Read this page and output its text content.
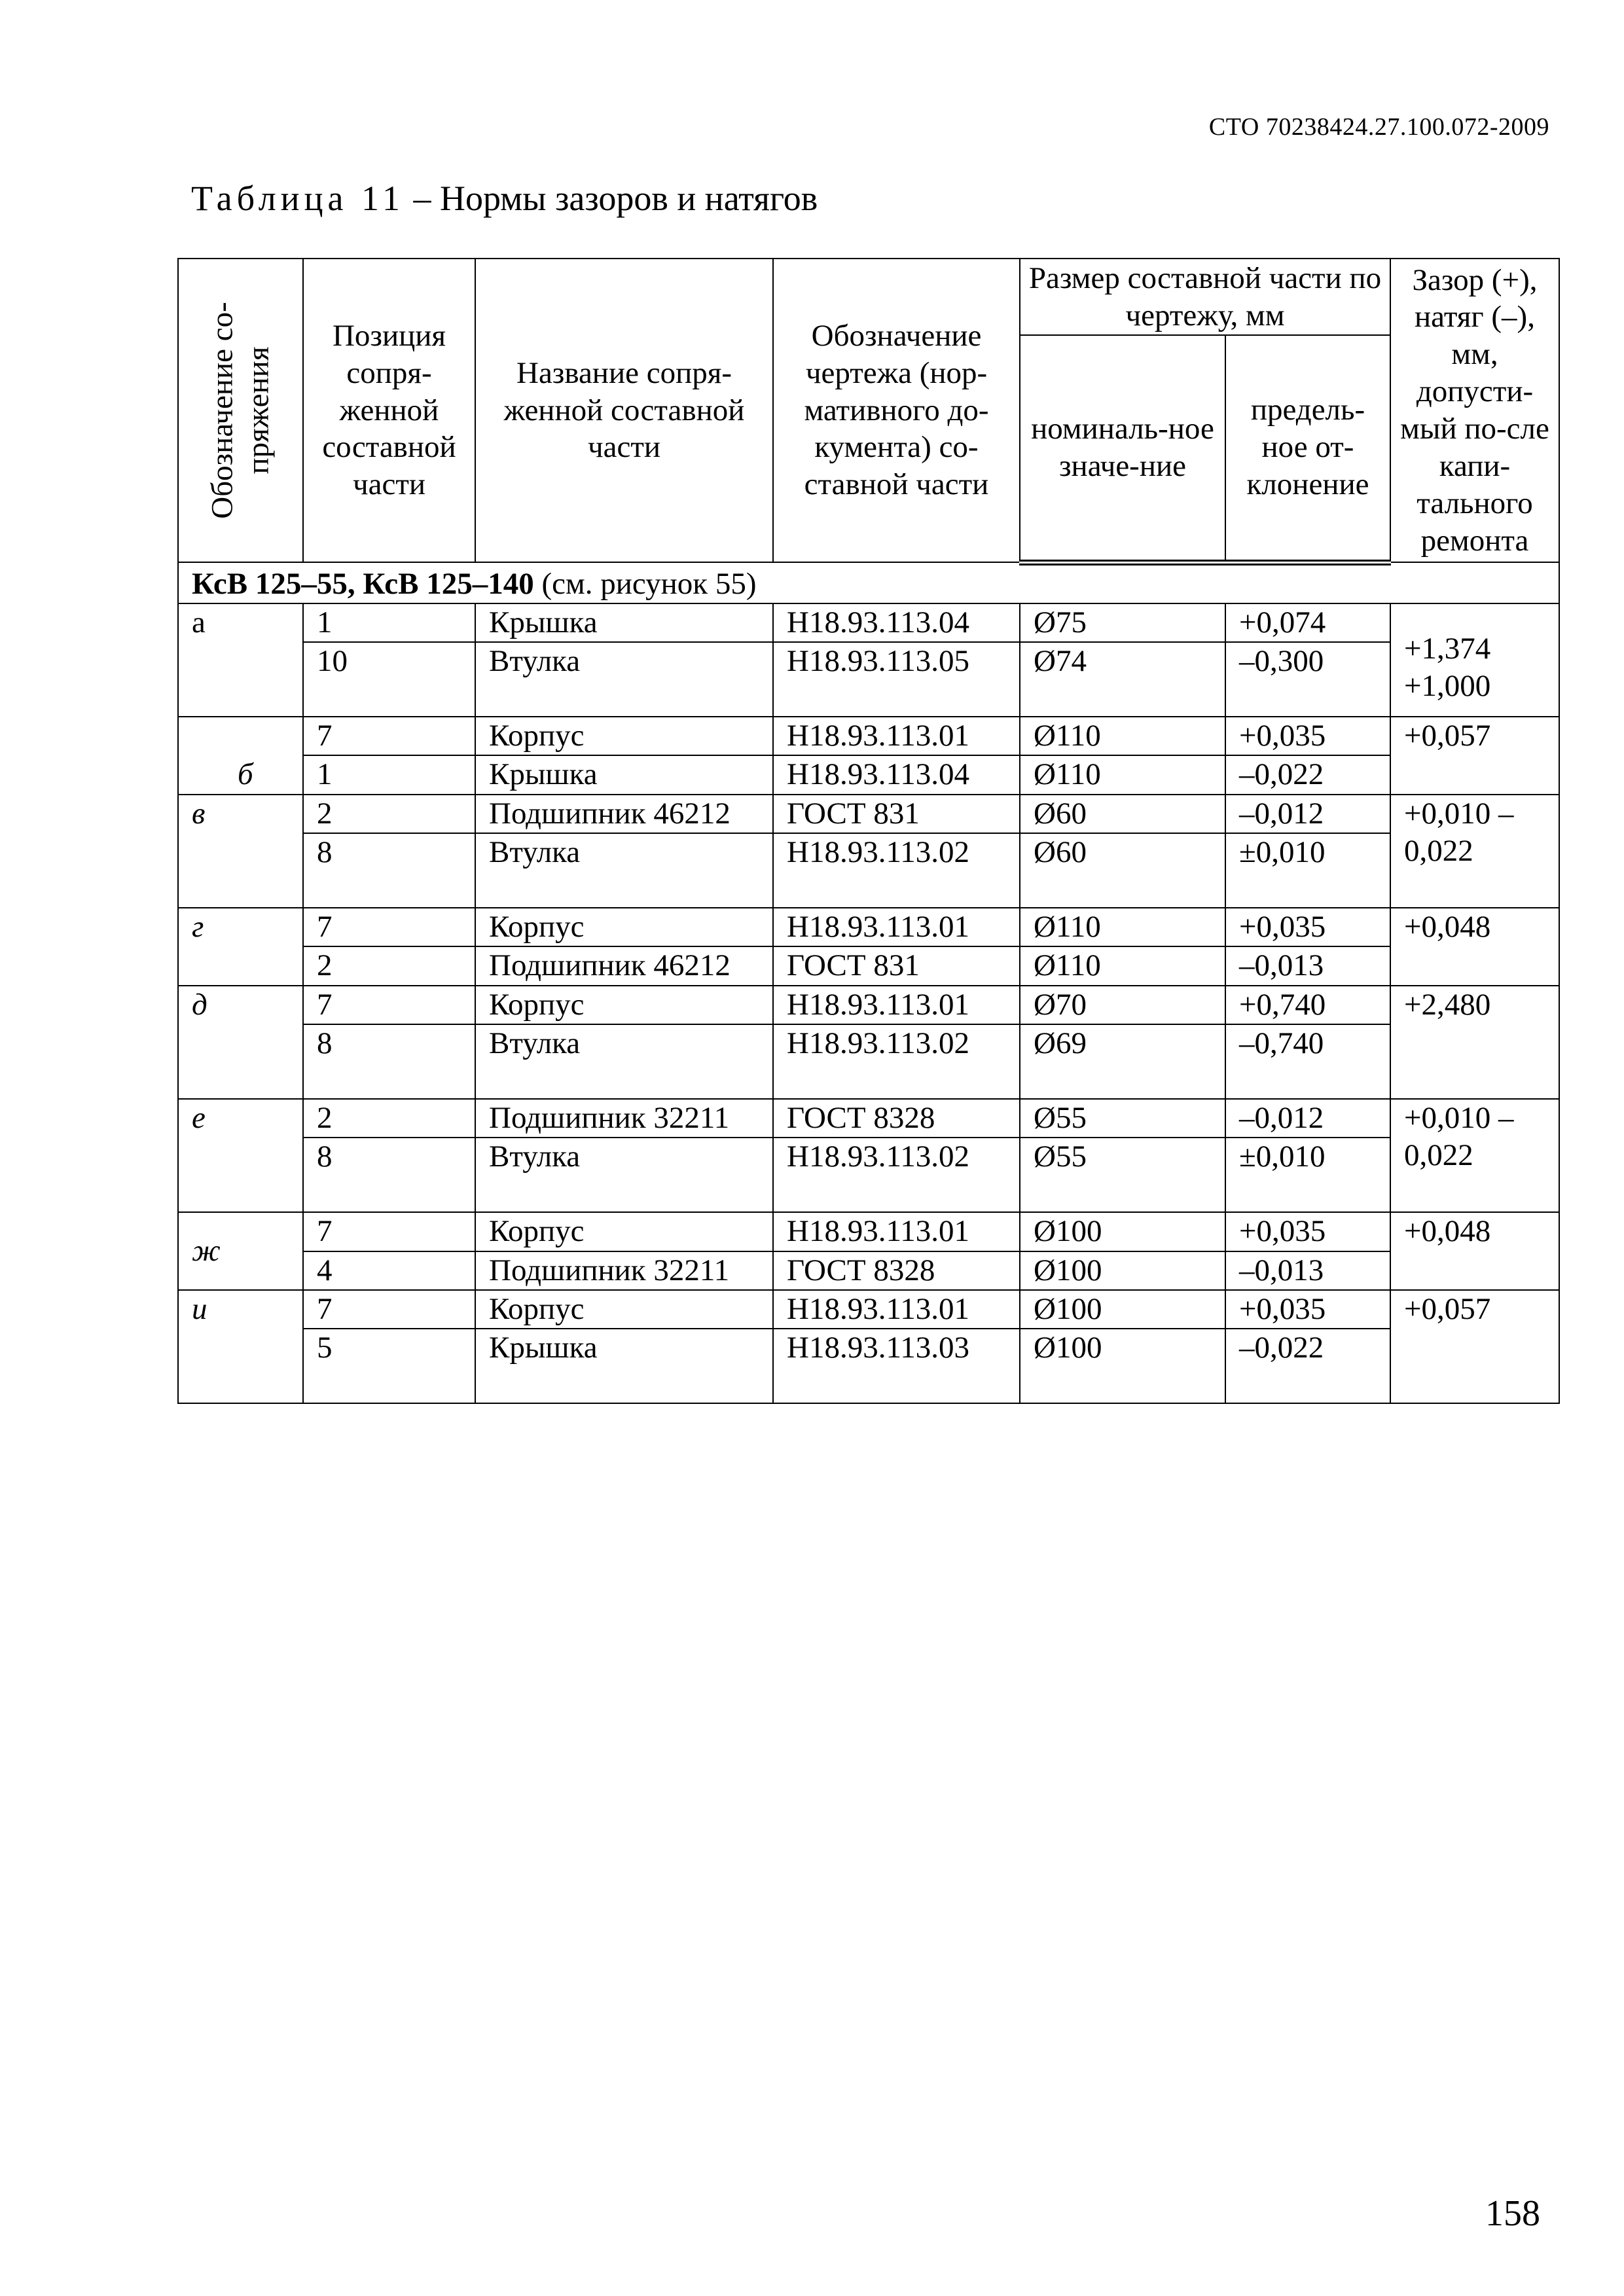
СТО 70238424.27.100.072-2009
Таблица 11 – Нормы зазоров и натягов
Обозначение со-пряжения	Позиция сопря-женной составной части	Название сопря-женной составной части	Обозначение чертежа (нор-мативного до-кумента) со-ставной части	Размер составной части по чертежу, мм		Зазор (+), натяг (–), мм, допусти-мый по-сле капи-тального ремонта
				номиналь-ное значе-ние	предель-ное от-клонение	
КсВ 125–55, КсВ 125–140 (см. рисунок 55)						
а	1	Крышка	Н18.93.113.04	Ø75	+0,074	+1,374 +1,000
	10	Втулка	Н18.93.113.05	Ø74	–0,300	
б	7	Корпус	Н18.93.113.01	Ø110	+0,035	+0,057
	1	Крышка	Н18.93.113.04	Ø110	–0,022	
в	2	Подшипник 46212	ГОСТ 831	Ø60	–0,012	+0,010 –0,022
	8	Втулка	Н18.93.113.02	Ø60	±0,010	
г	7	Корпус	Н18.93.113.01	Ø110	+0,035	+0,048
	2	Подшипник 46212	ГОСТ 831	Ø110	–0,013	
д	7	Корпус	Н18.93.113.01	Ø70	+0,740	+2,480
	8	Втулка	Н18.93.113.02	Ø69	–0,740	
е	2	Подшипник 32211	ГОСТ 8328	Ø55	–0,012	+0,010 –0,022
	8	Втулка	Н18.93.113.02	Ø55	±0,010	
ж	7	Корпус	Н18.93.113.01	Ø100	+0,035	+0,048
	4	Подшипник 32211	ГОСТ 8328	Ø100	–0,013	
и	7	Корпус	Н18.93.113.01	Ø100	+0,035	+0,057
	5	Крышка	Н18.93.113.03	Ø100	–0,022	
158
